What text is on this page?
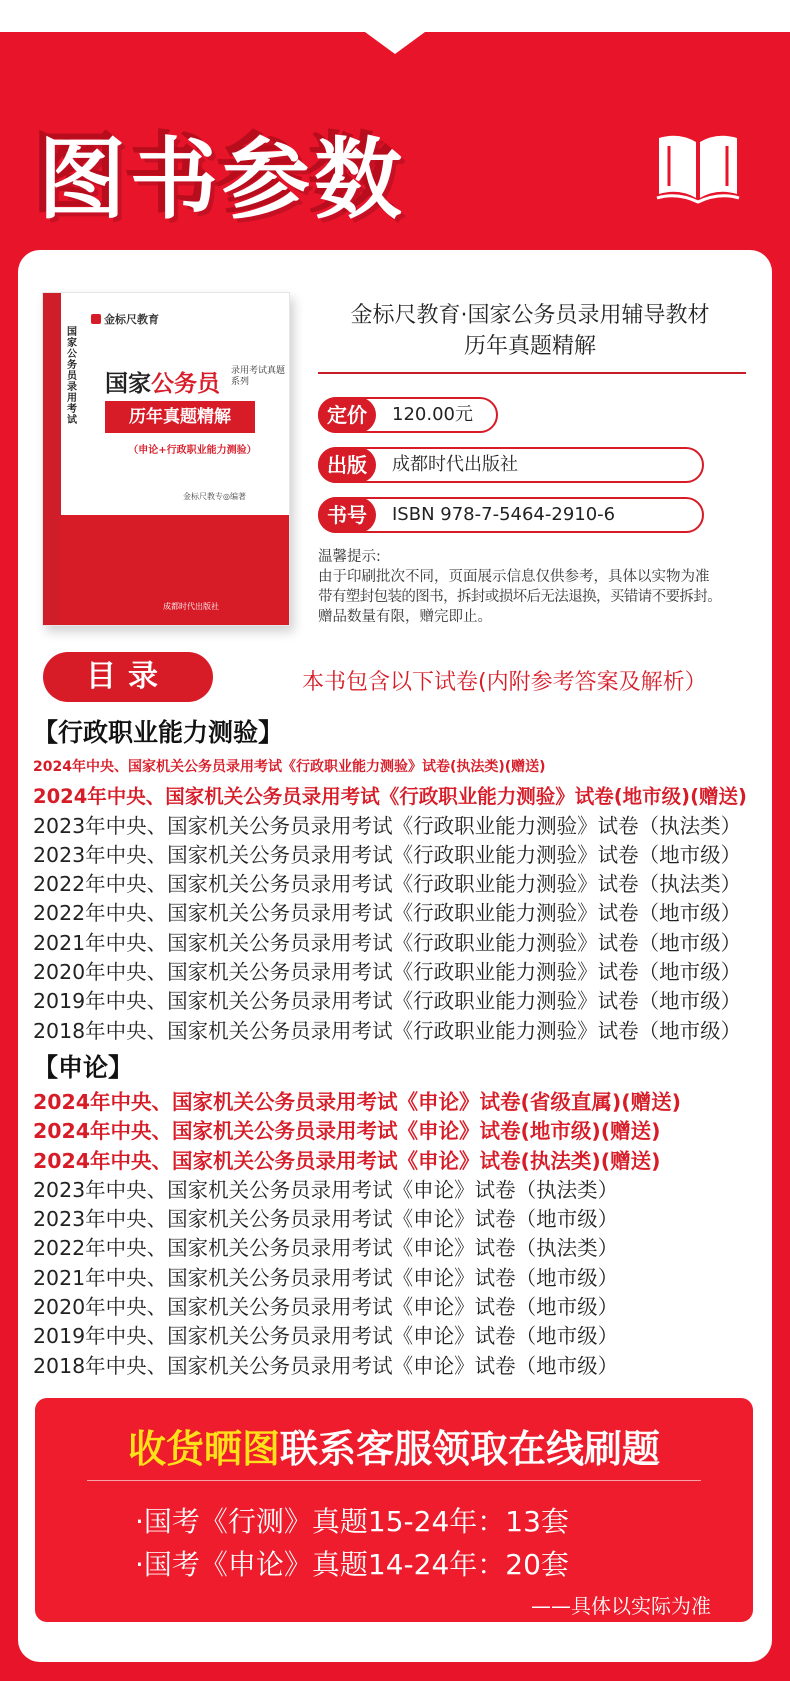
图书参数
金标尺教育
国家公务员录用考试
国家公务员 录用考试真题系列
历年真题精解
（申论+行政职业能力测验）
金标尺教专◎编著
★★★★★★★★★
成都时代出版社
金标尺教育·国家公务员录用辅导教材
历年真题精解
定价	120.00元
出版	成都时代出版社
书号	ISBN 978-7-5464-2910-6
温馨提示:
由于印刷批次不同，页面展示信息仅供参考，具体以实物为准
带有塑封包装的图书，拆封或损坏后无法退换，买错请不要拆封。
赠品数量有限，赠完即止。
目录	本书包含以下试卷(内附参考答案及解析）
【行政职业能力测验】
2024年中央、国家机关公务员录用考试《行政职业能力测验》试卷(执法类)(赠送)
2024年中央、国家机关公务员录用考试《行政职业能力测验》试卷(地市级)(赠送)
2023年中央、国家机关公务员录用考试《行政职业能力测验》试卷（执法类）
2023年中央、国家机关公务员录用考试《行政职业能力测验》试卷（地市级）
2022年中央、国家机关公务员录用考试《行政职业能力测验》试卷（执法类）
2022年中央、国家机关公务员录用考试《行政职业能力测验》试卷（地市级）
2021年中央、国家机关公务员录用考试《行政职业能力测验》试卷（地市级）
2020年中央、国家机关公务员录用考试《行政职业能力测验》试卷（地市级）
2019年中央、国家机关公务员录用考试《行政职业能力测验》试卷（地市级）
2018年中央、国家机关公务员录用考试《行政职业能力测验》试卷（地市级）
【申论】
2024年中央、国家机关公务员录用考试《申论》试卷(省级直属)(赠送)
2024年中央、国家机关公务员录用考试《申论》试卷(地市级)(赠送)
2024年中央、国家机关公务员录用考试《申论》试卷(执法类)(赠送)
2023年中央、国家机关公务员录用考试《申论》试卷（执法类）
2023年中央、国家机关公务员录用考试《申论》试卷（地市级）
2022年中央、国家机关公务员录用考试《申论》试卷（执法类）
2021年中央、国家机关公务员录用考试《申论》试卷（地市级）
2020年中央、国家机关公务员录用考试《申论》试卷（地市级）
2019年中央、国家机关公务员录用考试《申论》试卷（地市级）
2018年中央、国家机关公务员录用考试《申论》试卷（地市级）
收货晒图联系客服领取在线刷题
·国考《行测》真题15-24年：13套
·国考《申论》真题14-24年：20套
——具体以实际为准
